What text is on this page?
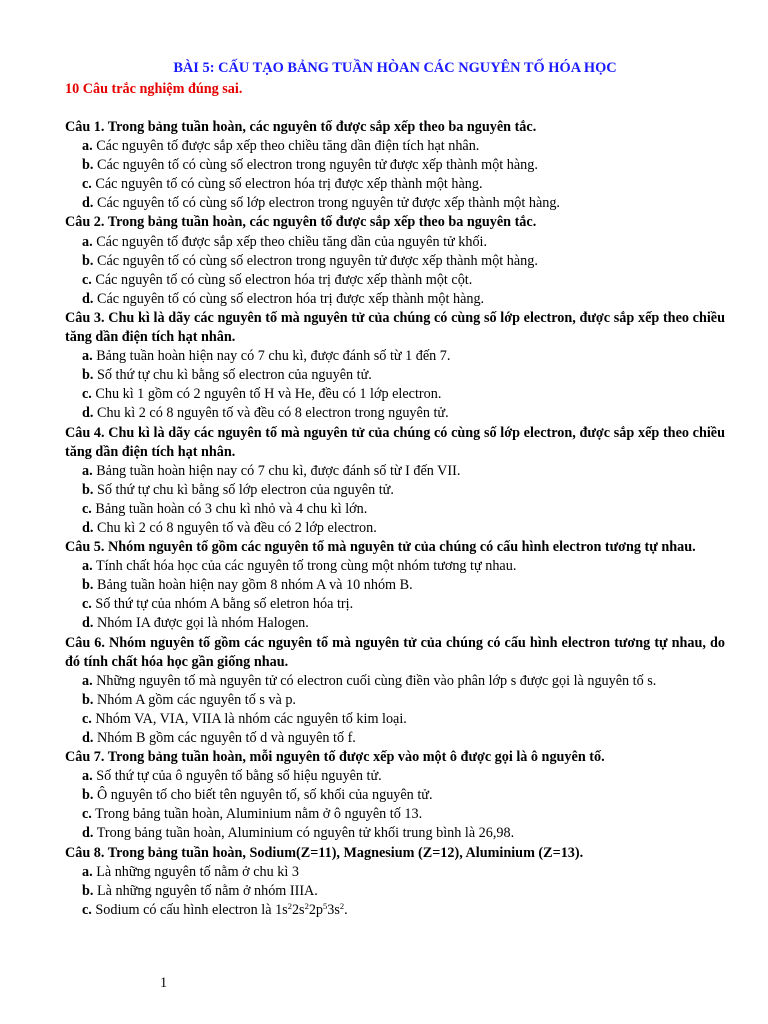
BÀI 5: CẤU TẠO BẢNG TUẦN HÒAN CÁC NGUYÊN TỐ HÓA HỌC
10 Câu trắc nghiệm đúng sai.
Câu 1. Trong bảng tuần hoàn, các nguyên tố được sắp xếp theo ba nguyên tắc.
a. Các nguyên tố được sắp xếp theo chiều tăng dần điện tích hạt nhân.
b. Các nguyên tố có cùng số electron trong nguyên tử được xếp thành một hàng.
c. Các nguyên tố có cùng số electron hóa trị được xếp thành một hàng.
d. Các nguyên tố có cùng số lớp electron trong nguyên tử được xếp thành một hàng.
Câu 2. Trong bảng tuần hoàn, các nguyên tố được sắp xếp theo ba nguyên tắc.
a. Các nguyên tố được sắp xếp theo chiều tăng dần của nguyên tử khối.
b. Các nguyên tố có cùng số electron trong nguyên tử được xếp thành một hàng.
c. Các nguyên tố có cùng số electron hóa trị được xếp thành một cột.
d. Các nguyên tố có cùng số electron hóa trị được xếp thành một hàng.
Câu 3. Chu kì là dãy các nguyên tố mà nguyên tử của chúng có cùng số lớp electron, được sắp xếp theo chiều tăng dần điện tích hạt nhân.
a. Bảng tuần hoàn hiện nay có 7 chu kì, được đánh số từ 1 đến 7.
b. Số thứ tự chu kì bằng số electron của nguyên tử.
c. Chu kì 1 gồm có 2 nguyên tố H và He, đều có 1 lớp electron.
d. Chu kì 2 có 8 nguyên tố và đều có 8 electron trong nguyên tử.
Câu 4. Chu kì là dãy các nguyên tố mà nguyên tử của chúng có cùng số lớp electron, được sắp xếp theo chiều tăng dần điện tích hạt nhân.
a. Bảng tuần hoàn hiện nay có 7 chu kì, được đánh số từ I đến VII.
b. Số thứ tự chu kì bằng số lớp electron của nguyên tử.
c. Bảng tuần hoàn có 3 chu kì nhỏ và 4 chu kì lớn.
d. Chu kì 2 có 8 nguyên tố và đều có 2 lớp electron.
Câu 5. Nhóm nguyên tố gồm các nguyên tố mà nguyên tử của chúng có cấu hình electron tương tự nhau.
a. Tính chất hóa học của các nguyên tố trong cùng một nhóm tương tự nhau.
b. Bảng tuần hoàn hiện nay gồm 8 nhóm A và 10 nhóm B.
c. Số thứ tự của nhóm A bằng số eletron hóa trị.
d. Nhóm IA được gọi là nhóm Halogen.
Câu 6. Nhóm nguyên tố gồm các nguyên tố mà nguyên tử của chúng có cấu hình electron tương tự nhau, do đó tính chất hóa học gần giống nhau.
a. Những nguyên tố mà nguyên tử có electron cuối cùng điền vào phân lớp s được gọi là nguyên tố s.
b. Nhóm A gồm các nguyên tố s và p.
c. Nhóm VA, VIA, VIIA là nhóm các nguyên tố kim loại.
d. Nhóm B gồm các nguyên tố d và nguyên tố f.
Câu 7. Trong bảng tuần hoàn, mỗi nguyên tố được xếp vào một ô được gọi là ô nguyên tố.
a. Số thứ tự của ô nguyên tố bằng số hiệu nguyên tử.
b. Ô nguyên tố cho biết tên nguyên tố, số khối của nguyên tử.
c. Trong bảng tuần hoàn, Aluminium nằm ở ô nguyên tố 13.
d. Trong bảng tuần hoàn, Aluminium có nguyên tử khối trung bình là 26,98.
Câu 8. Trong bảng tuần hoàn, Sodium(Z=11), Magnesium (Z=12), Aluminium (Z=13).
a. Là những nguyên tố nằm ở chu kì 3
b. Là những nguyên tố nằm ở nhóm IIIA.
c. Sodium có cấu hình electron là $1s^22s^22p^53s^2$.
1
